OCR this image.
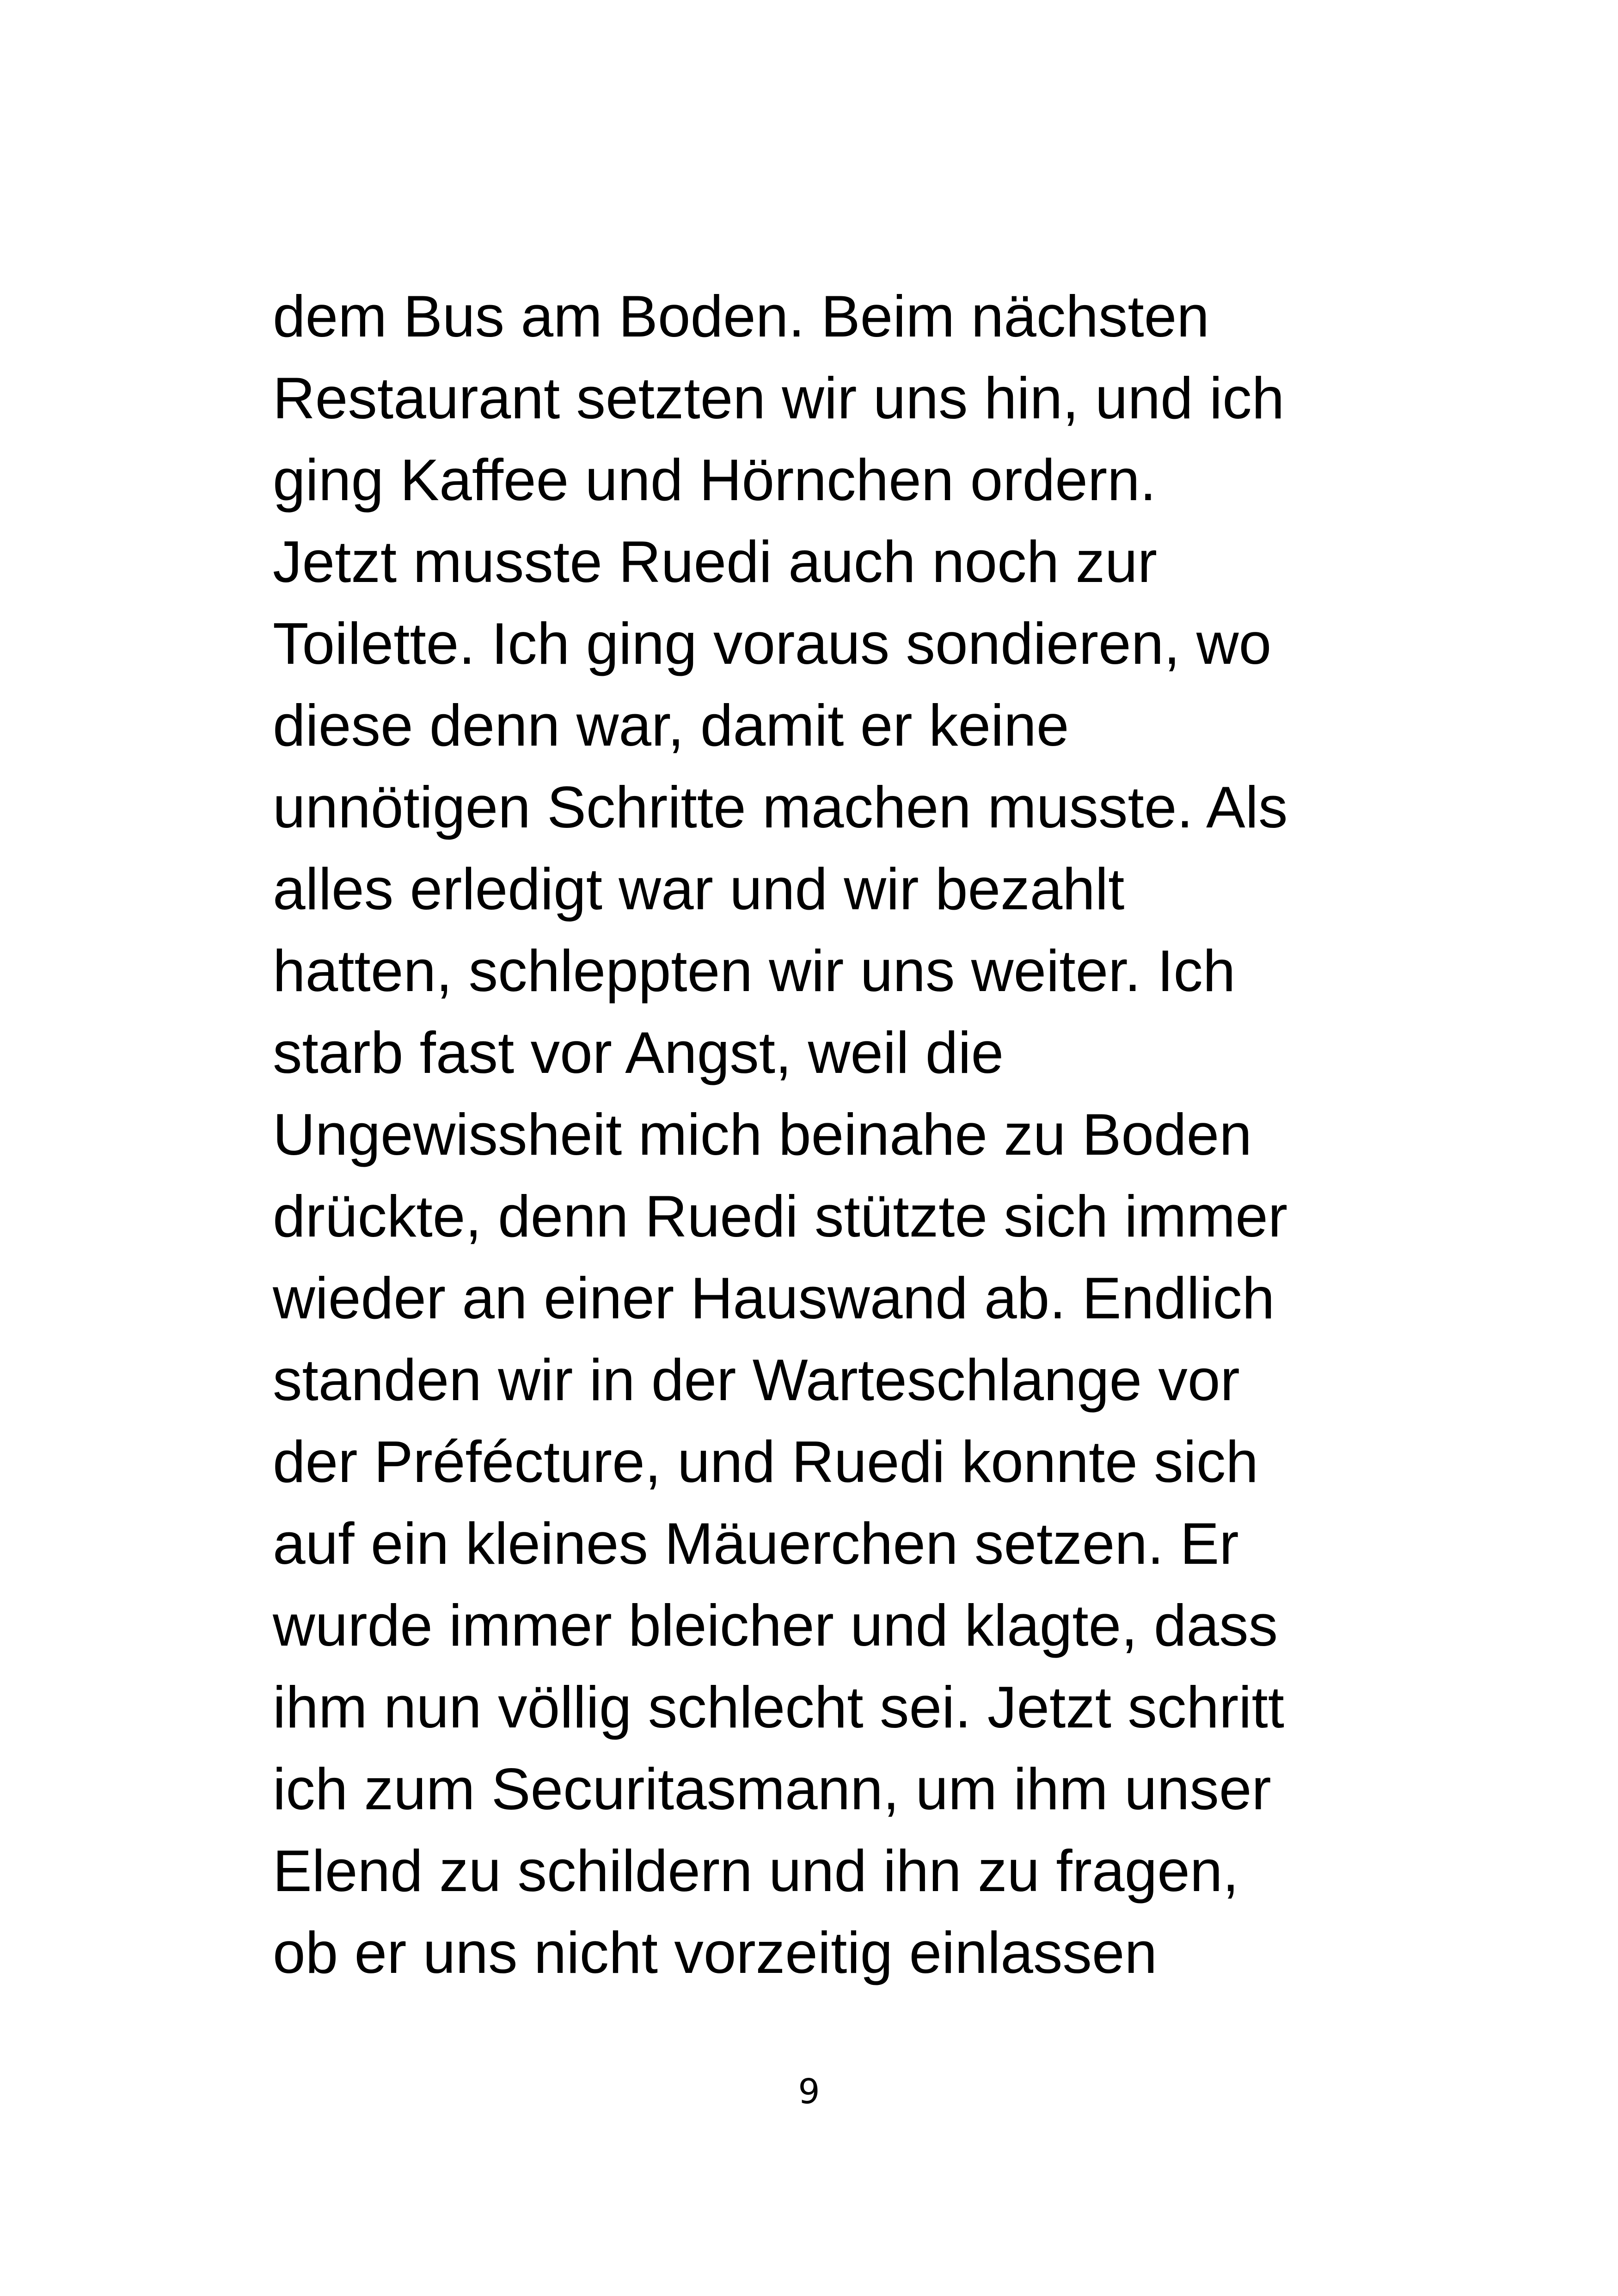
dem Bus am Boden. Beim nächsten
Restaurant setzten wir uns hin, und ich
ging Kaffee und Hörnchen ordern.
Jetzt musste Ruedi auch noch zur
Toilette. Ich ging voraus sondieren, wo
diese denn war, damit er keine
unnötigen Schritte machen musste. Als
alles erledigt war und wir bezahlt
hatten, schleppten wir uns weiter. Ich
starb fast vor Angst, weil die
Ungewissheit mich beinahe zu Boden
drückte, denn Ruedi stützte sich immer
wieder an einer Hauswand ab. Endlich
standen wir in der Warteschlange vor
der Préfécture, und Ruedi konnte sich
auf ein kleines Mäuerchen setzen. Er
wurde immer bleicher und klagte, dass
ihm nun völlig schlecht sei. Jetzt schritt
ich zum Securitasmann, um ihm unser
Elend zu schildern und ihn zu fragen,
ob er uns nicht vorzeitig einlassen
9
